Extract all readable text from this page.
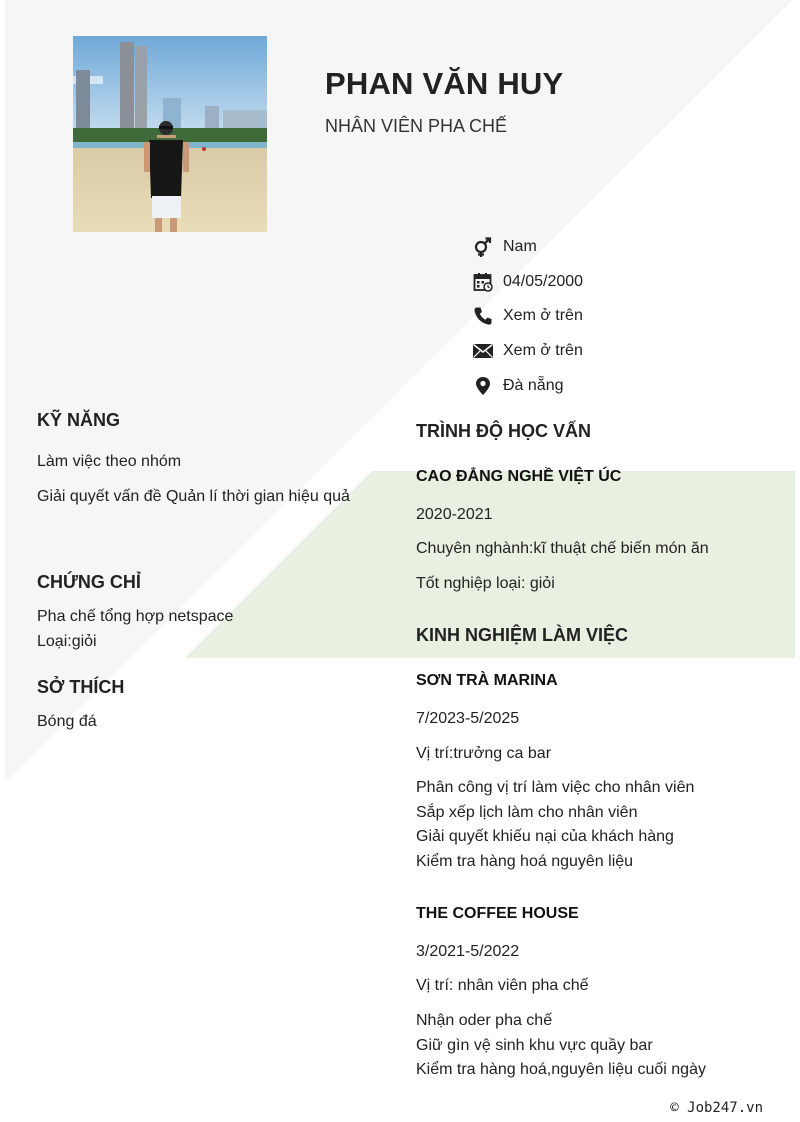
PHAN VĂN HUY
NHÂN VIÊN PHA CHẾ
Nam
04/05/2000
Xem ở trên
Xem ở trên
Đà nẵng
KỸ NĂNG
Làm việc theo nhóm
Giải quyết vấn đề Quản lí thời gian hiệu quả
CHỨNG CHỈ
Pha chế tổng hợp netspace
Loại:giỏi
SỞ THÍCH
Bóng đá
TRÌNH ĐỘ HỌC VẤN
CAO ĐẲNG NGHỀ VIỆT ÚC
2020-2021
Chuyên nghành:kĩ thuật chế biến món ăn
Tốt nghiệp loại: giỏi
KINH NGHIỆM LÀM VIỆC
SƠN TRÀ MARINA
7/2023-5/2025
Vị trí:trưởng ca bar
Phân công vị trí làm việc cho nhân viên
Sắp xếp lịch làm cho nhân viên
Giải quyết khiếu nại của khách hàng
Kiểm tra hàng hoá nguyên liệu
THE COFFEE HOUSE
3/2021-5/2022
Vị trí: nhân viên pha chế
Nhận oder pha chế
Giữ gìn vệ sinh khu vực quầy bar
Kiểm tra hàng hoá,nguyên liệu cuối ngày
© Job247.vn
